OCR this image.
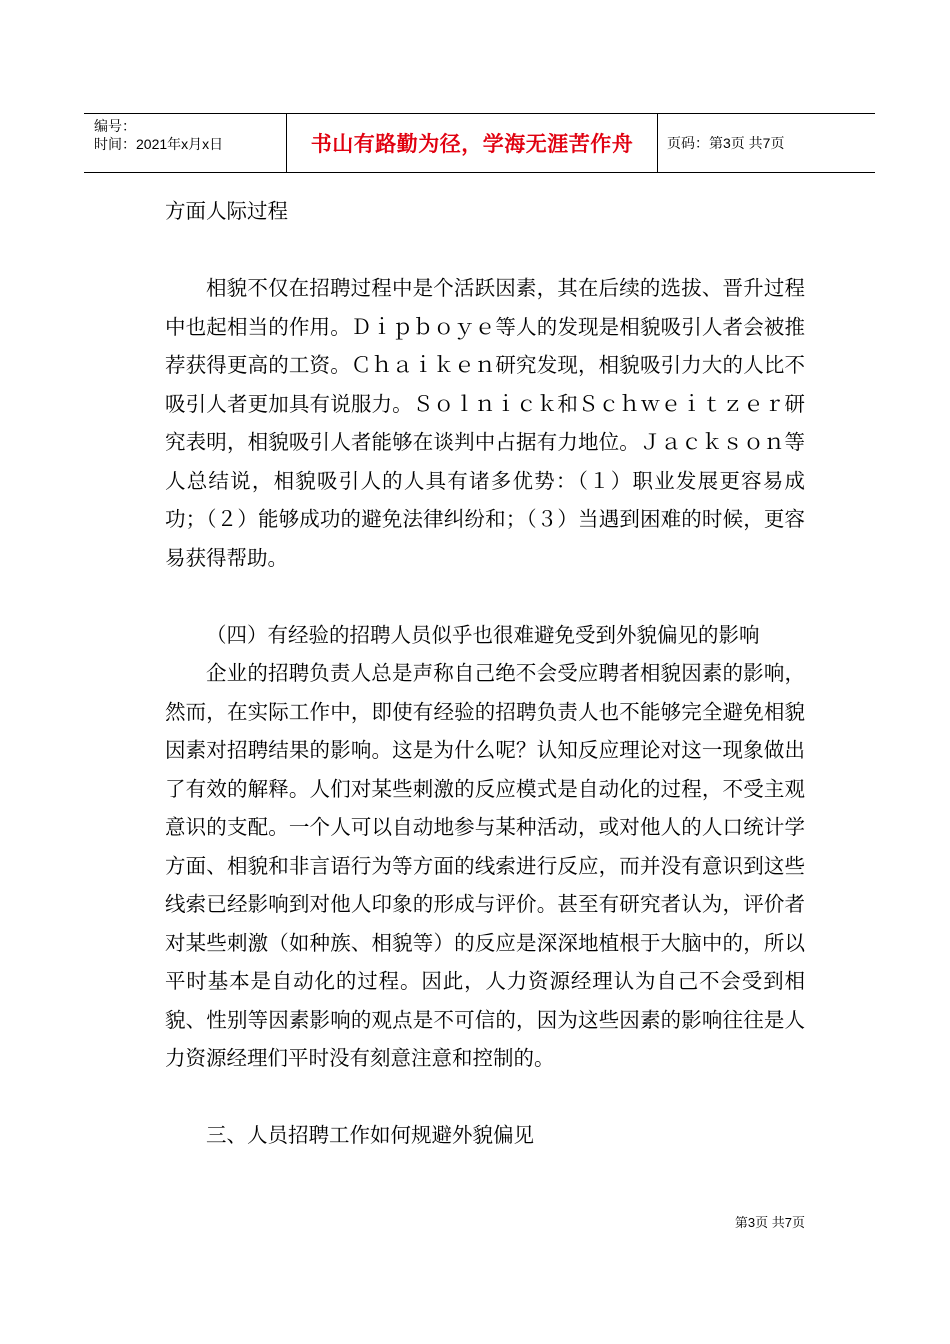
编号：
时间：2021年x月x日	书山有路勤为径，学海无涯苦作舟	页码：第3页 共7页

方面人际过程

相貌不仅在招聘过程中是个活跃因素，其在后续的选拔、晋升过程中也起相当的作用。Ｄｉｐｂｏｙｅ等人的发现是相貌吸引人者会被推荐获得更高的工资。Ｃｈａｉｋｅｎ研究发现，相貌吸引力大的人比不吸引人者更加具有说服力。Ｓｏｌｎｉｃｋ和Ｓｃｈｗｅｉｔｚｅｒ研究表明，相貌吸引人者能够在谈判中占据有力地位。Ｊａｃｋｓｏｎ等人总结说，相貌吸引人的人具有诸多优势：（１）职业发展更容易成功；（２）能够成功的避免法律纠纷和；（３）当遇到困难的时候，更容易获得帮助。

（四）有经验的招聘人员似乎也很难避免受到外貌偏见的影响

企业的招聘负责人总是声称自己绝不会受应聘者相貌因素的影响，然而，在实际工作中，即使有经验的招聘负责人也不能够完全避免相貌因素对招聘结果的影响。这是为什么呢？认知反应理论对这一现象做出了有效的解释。人们对某些刺激的反应模式是自动化的过程，不受主观意识的支配。一个人可以自动地参与某种活动，或对他人的人口统计学方面、相貌和非言语行为等方面的线索进行反应，而并没有意识到这些线索已经影响到对他人印象的形成与评价。甚至有研究者认为，评价者对某些刺激（如种族、相貌等）的反应是深深地植根于大脑中的，所以平时基本是自动化的过程。因此，人力资源经理认为自己不会受到相貌、性别等因素影响的观点是不可信的，因为这些因素的影响往往是人力资源经理们平时没有刻意注意和控制的。

三、人员招聘工作如何规避外貌偏见

第3页 共7页
